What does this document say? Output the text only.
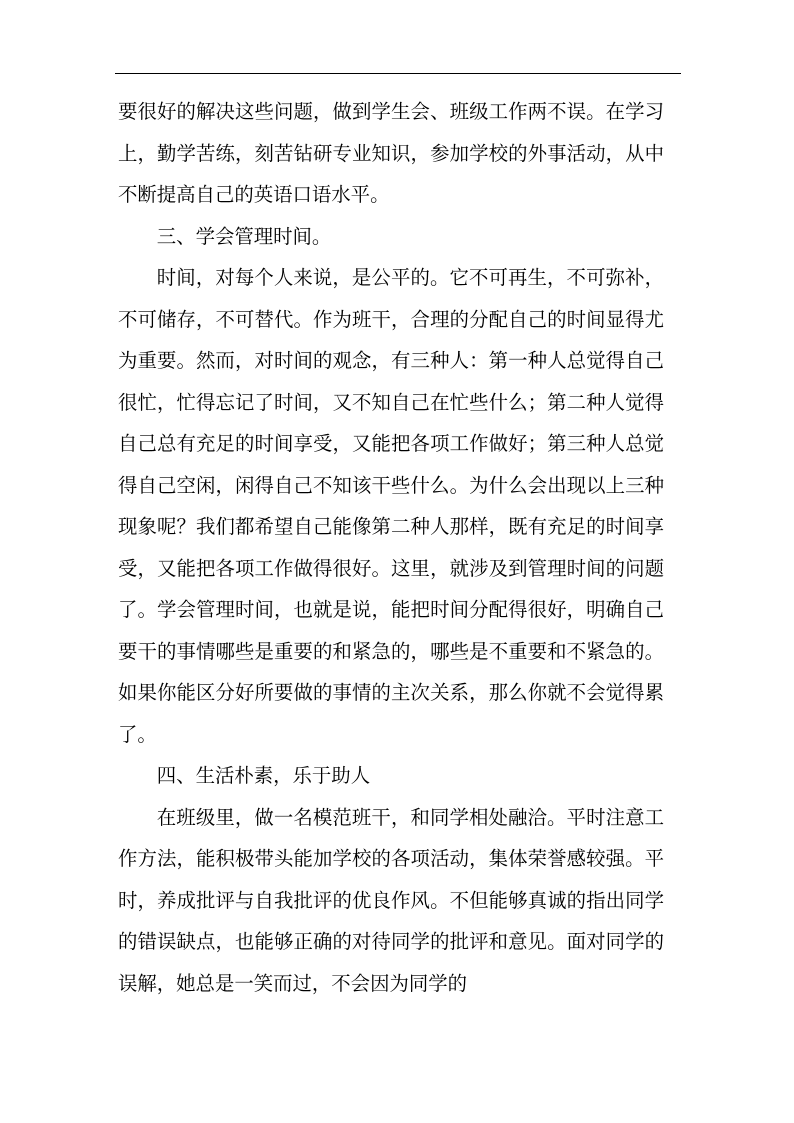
要很好的解决这些问题，做到学生会、班级工作两不误。在学习上，勤学苦练，刻苦钻研专业知识，参加学校的外事活动，从中不断提高自己的英语口语水平。

三、学会管理时间。

时间，对每个人来说，是公平的。它不可再生，不可弥补，不可储存，不可替代。作为班干，合理的分配自己的时间显得尤为重要。然而，对时间的观念，有三种人：第一种人总觉得自己很忙，忙得忘记了时间，又不知自己在忙些什么；第二种人觉得自己总有充足的时间享受，又能把各项工作做好；第三种人总觉得自己空闲，闲得自己不知该干些什么。为什么会出现以上三种现象呢？我们都希望自己能像第二种人那样，既有充足的时间享受，又能把各项工作做得很好。这里，就涉及到管理时间的问题了。学会管理时间，也就是说，能把时间分配得很好，明确自己要干的事情哪些是重要的和紧急的，哪些是不重要和不紧急的。如果你能区分好所要做的事情的主次关系，那么你就不会觉得累了。

四、生活朴素，乐于助人

在班级里，做一名模范班干，和同学相处融洽。平时注意工作方法，能积极带头能加学校的各项活动，集体荣誉感较强。平时，养成批评与自我批评的优良作风。不但能够真诚的指出同学的错误缺点，也能够正确的对待同学的批评和意见。面对同学的误解，她总是一笑而过，不会因为同学的
